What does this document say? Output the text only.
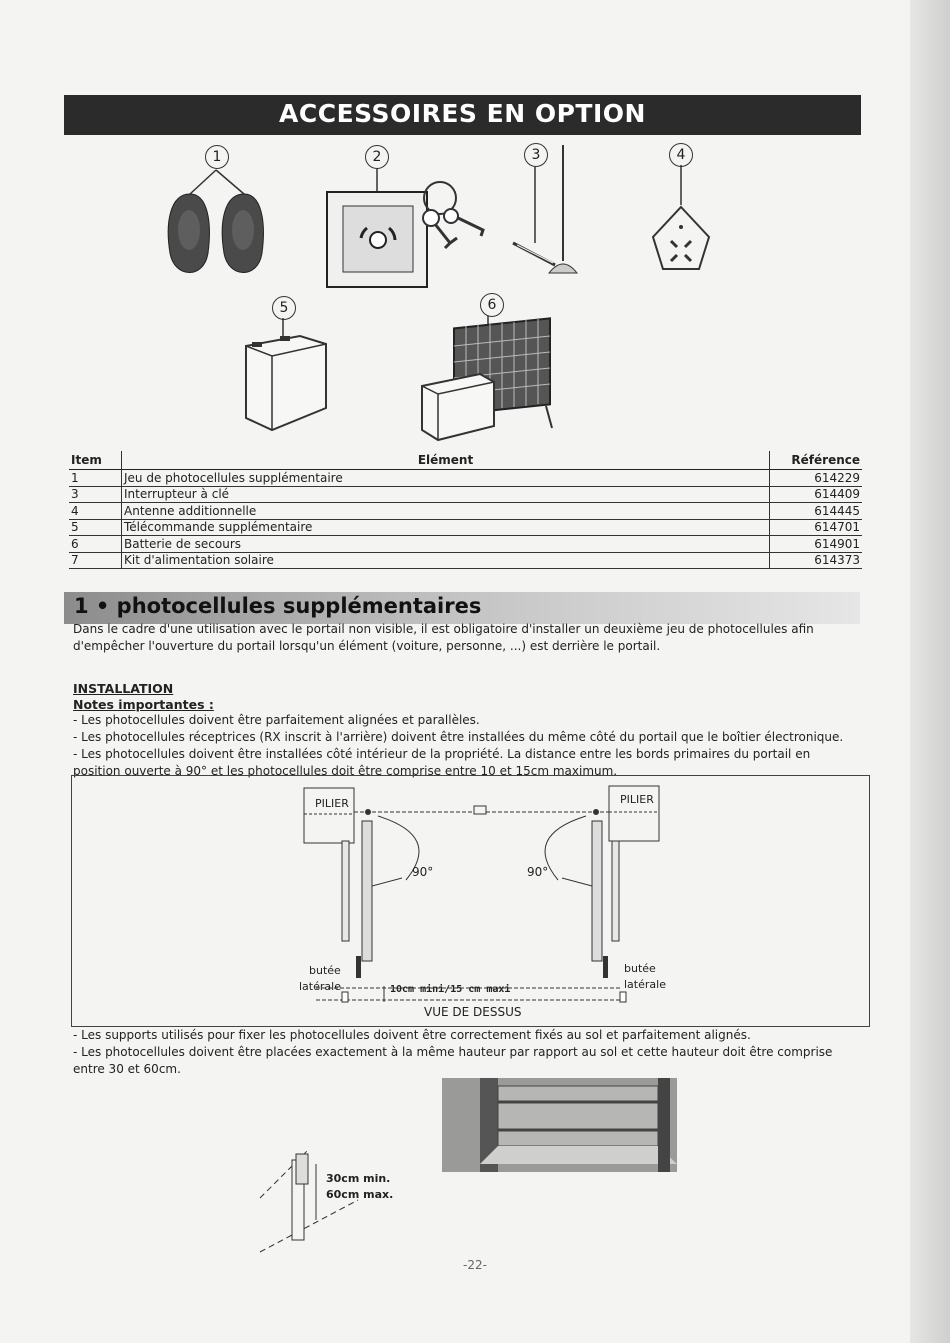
ACCESSOIRES EN OPTION
1	2	3	4
5	6
Item	Elément	Référence
1	Jeu de photocellules supplémentaire	614229
3	Interrupteur à clé	614409
4	Antenne additionnelle	614445
5	Télécommande supplémentaire	614701
6	Batterie de secours	614901
7	Kit d'alimentation solaire	614373
1 • photocellules supplémentaires
Dans le cadre d'une utilisation avec le portail non visible, il est obligatoire d'installer un deuxième jeu de photocellules afin d'empêcher l'ouverture du portail lorsqu'un élément (voiture, personne, ...) est derrière le portail.
INSTALLATION
Notes importantes :
- Les photocellules doivent être parfaitement alignées et parallèles.
- Les photocellules réceptrices (RX inscrit à l'arrière) doivent être installées du même côté du portail que le boîtier électronique.
- Les photocellules doivent être installées côté intérieur de la propriété. La distance entre les bords primaires du portail en position ouverte à 90° et les photocellules doit être comprise entre 10 et 15cm maximum.
PILIER	PILIER
90°	90°
butée
latérale
butée
latérale
10cm mini/15 cm maxi
VUE DE DESSUS
- Les supports utilisés pour fixer les photocellules doivent être correctement fixés au sol et parfaitement alignés.
- Les photocellules doivent être placées exactement à la même hauteur par rapport au sol et cette hauteur doit être comprise entre 30 et 60cm.
30cm min.
60cm max.
-22-
